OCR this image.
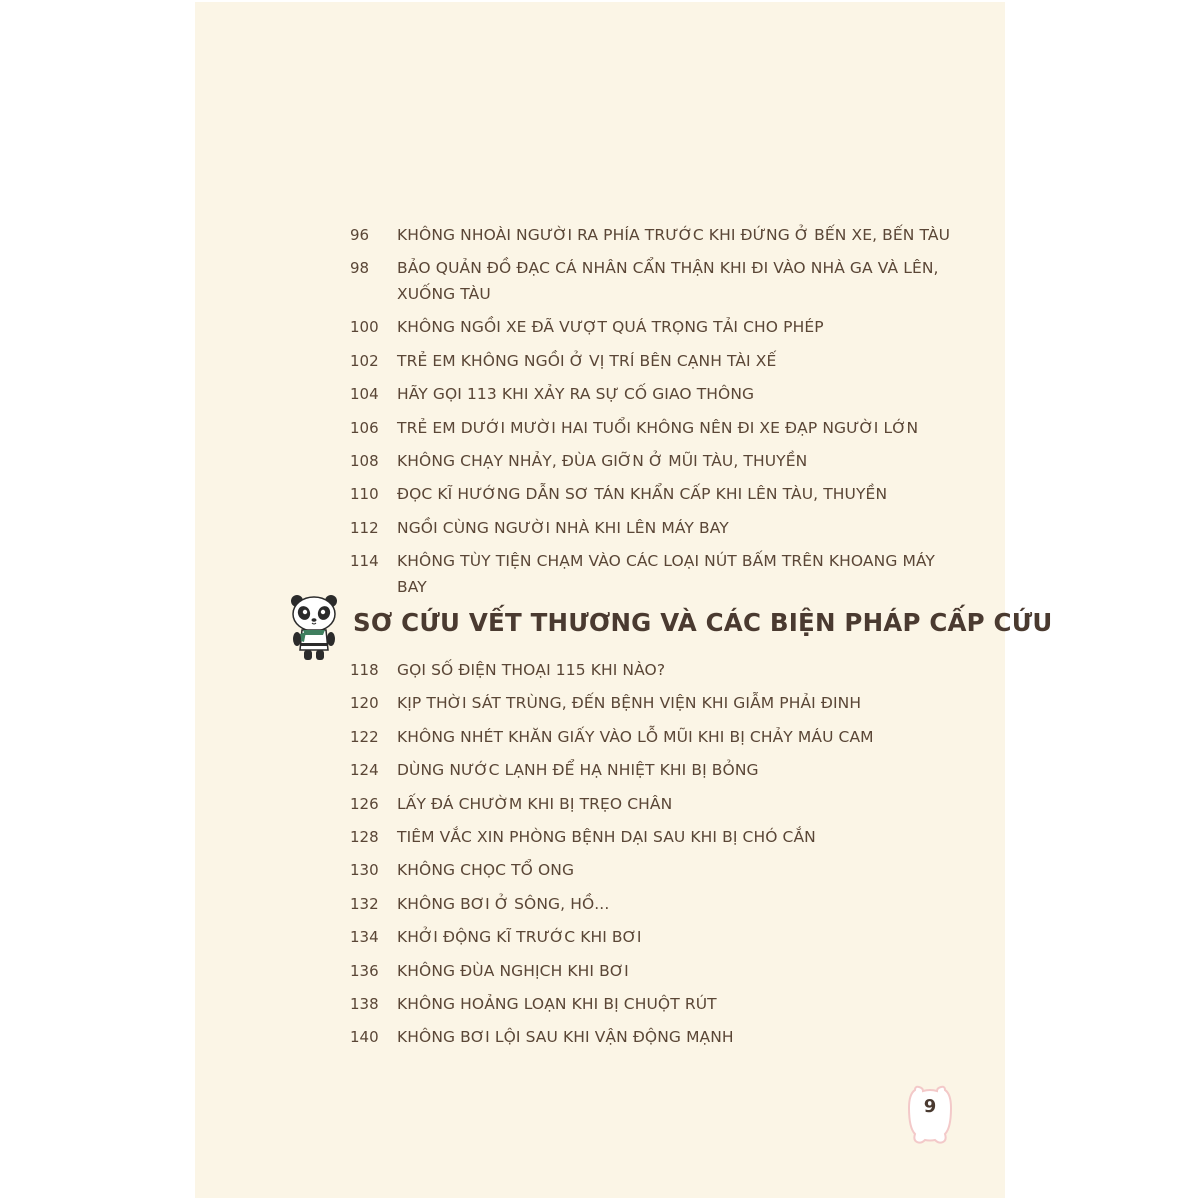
96	KHÔNG NHOÀI NGƯỜI RA PHÍA TRƯỚC KHI ĐỨNG Ở BẾN XE, BẾN TÀU
98	BẢO QUẢN ĐỒ ĐẠC CÁ NHÂN CẨN THẬN KHI ĐI VÀO NHÀ GA VÀ LÊN,
XUỐNG TÀU
100	KHÔNG NGỒI XE ĐÃ VƯỢT QUÁ TRỌNG TẢI CHO PHÉP
102	TRẺ EM KHÔNG NGỒI Ở VỊ TRÍ BÊN CẠNH TÀI XẾ
104	HÃY GỌI 113 KHI XẢY RA SỰ CỐ GIAO THÔNG
106	TRẺ EM DƯỚI MƯỜI HAI TUỔI KHÔNG NÊN ĐI XE ĐẠP NGƯỜI LỚN
108	KHÔNG CHẠY NHẢY, ĐÙA GIỠN Ở MŨI TÀU, THUYỀN
110	ĐỌC KĨ HƯỚNG DẪN SƠ TÁN KHẨN CẤP KHI LÊN TÀU, THUYỀN
112	NGỒI CÙNG NGƯỜI NHÀ KHI LÊN MÁY BAY
114	KHÔNG TÙY TIỆN CHẠM VÀO CÁC LOẠI NÚT BẤM TRÊN KHOANG MÁY BAY
118	GỌI SỐ ĐIỆN THOẠI 115 KHI NÀO?
120	KỊP THỜI SÁT TRÙNG, ĐẾN BỆNH VIỆN KHI GIẪM PHẢI ĐINH
122	KHÔNG NHÉT KHĂN GIẤY VÀO LỖ MŨI KHI BỊ CHẢY MÁU CAM
124	DÙNG NƯỚC LẠNH ĐỂ HẠ NHIỆT KHI BỊ BỎNG
126	LẤY ĐÁ CHƯỜM KHI BỊ TRẸO CHÂN
128	TIÊM VẮC XIN PHÒNG BỆNH DẠI SAU KHI BỊ CHÓ CẮN
130	KHÔNG CHỌC TỔ ONG
132	KHÔNG BƠI Ở SÔNG, HỒ...
134	KHỞI ĐỘNG KĨ TRƯỚC KHI BƠI
136	KHÔNG ĐÙA NGHỊCH KHI BƠI
138	KHÔNG HOẢNG LOẠN KHI BỊ CHUỘT RÚT
140	KHÔNG BƠI LỘI SAU KHI VẬN ĐỘNG MẠNH
SƠ CỨU VẾT THƯƠNG VÀ CÁC BIỆN PHÁP CẤP CỨU
9
